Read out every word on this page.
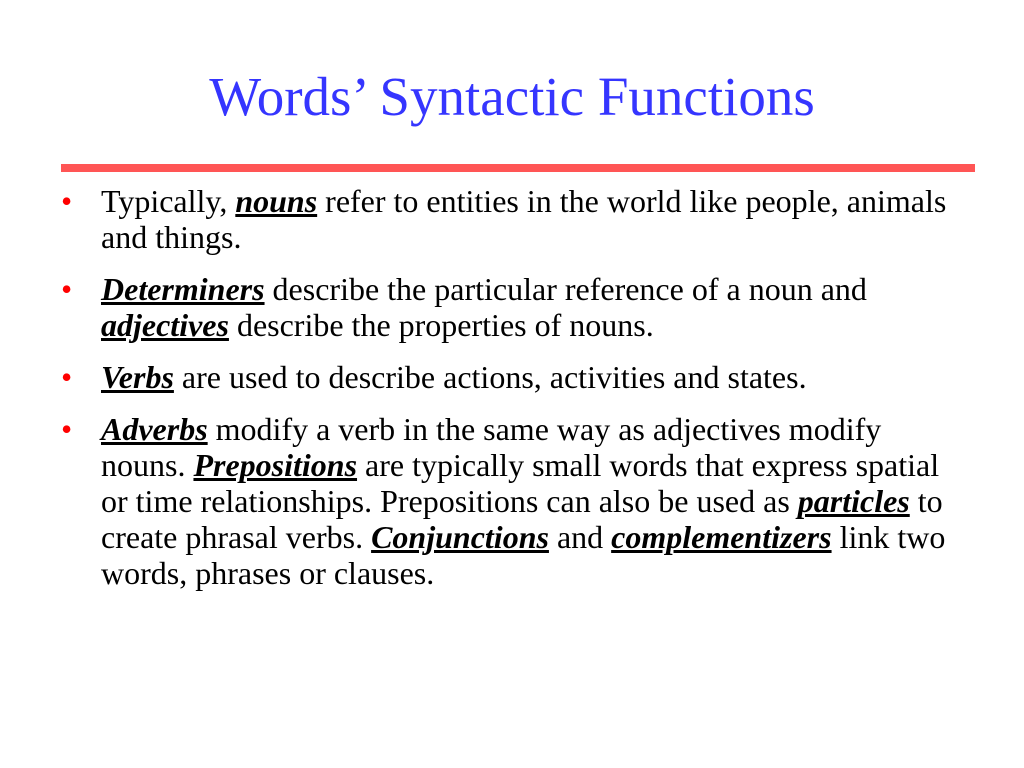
Words’ Syntactic Functions
• Typically, nouns refer to entities in the world like people, animals and things.
• Determiners describe the particular reference of a noun and adjectives describe the properties of nouns.
• Verbs are used to describe actions, activities and states.
• Adverbs modify a verb in the same way as adjectives modify nouns. Prepositions are typically small words that express spatial or time relationships. Prepositions can also be used as particles to create phrasal verbs. Conjunctions and complementizers link two words, phrases or clauses.
